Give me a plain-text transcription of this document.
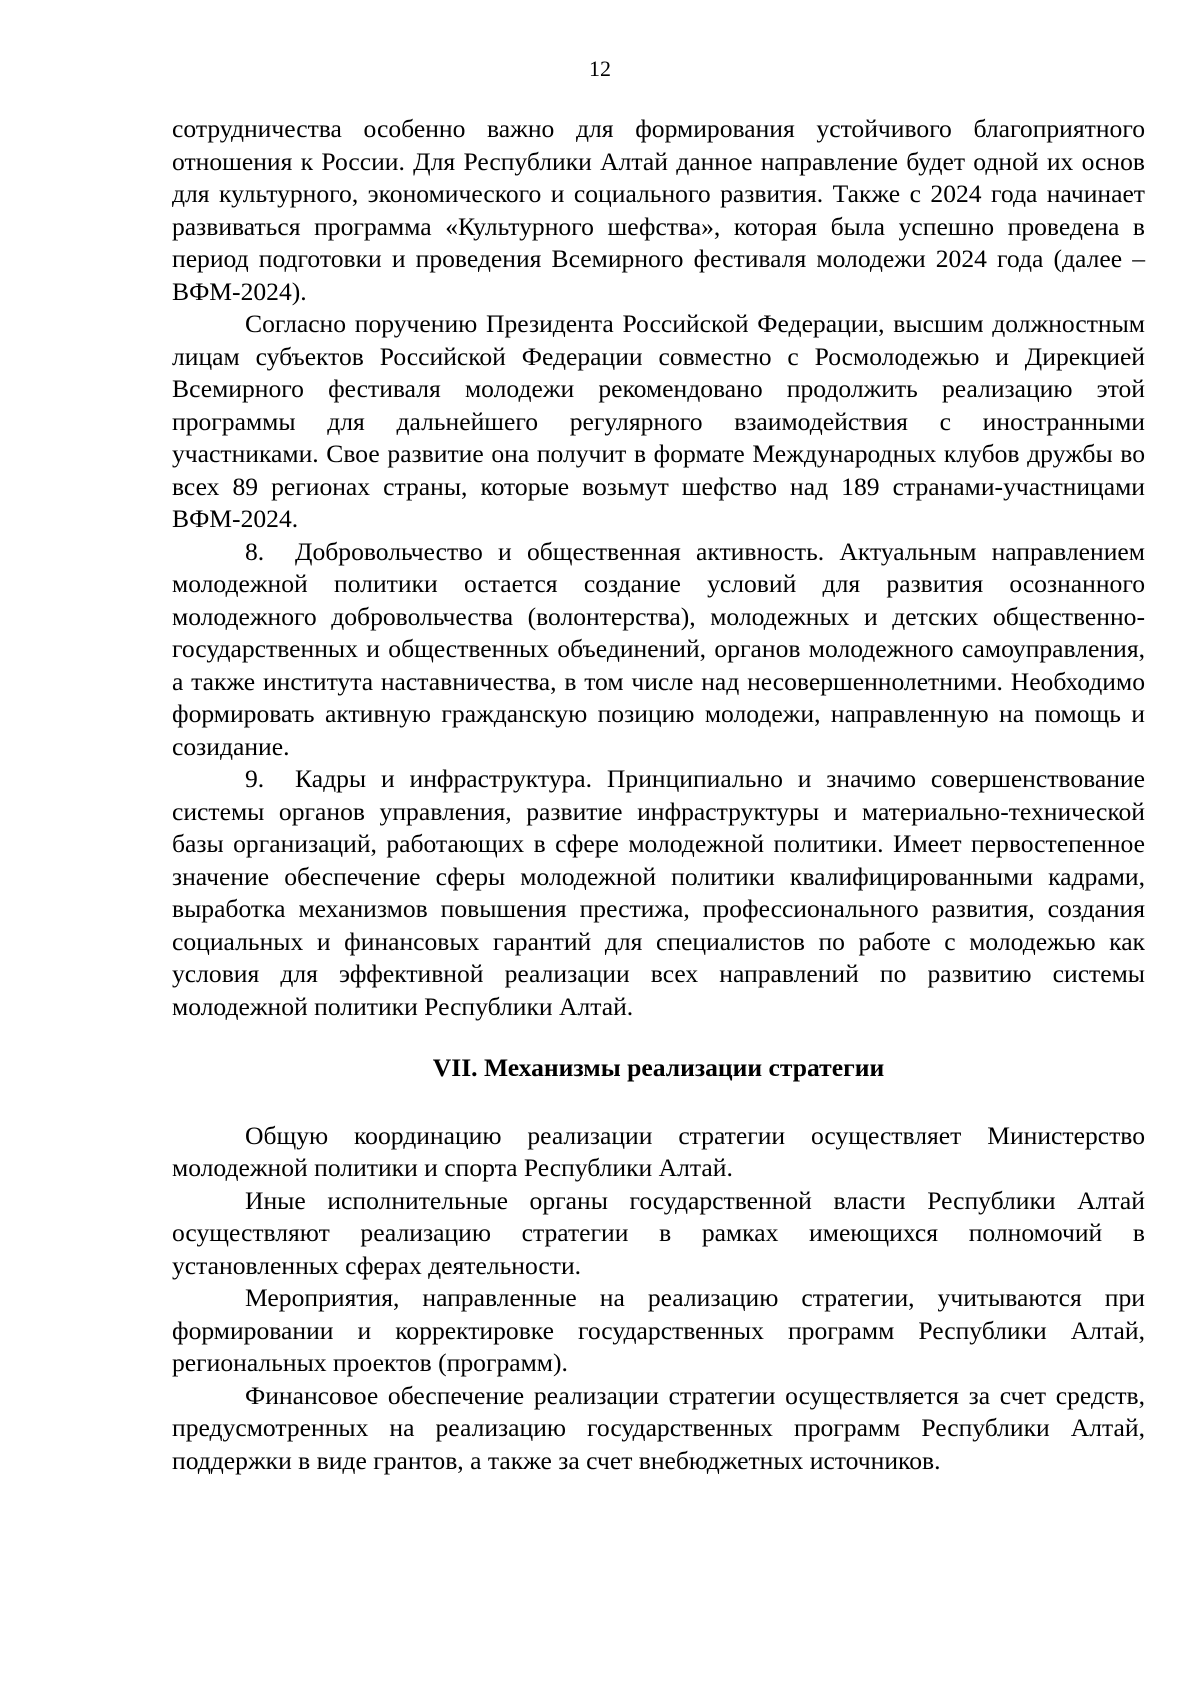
12

сотрудничества особенно важно для формирования устойчивого благоприятного отношения к России. Для Республики Алтай данное направление будет одной их основ для культурного, экономического и социального развития. Также с 2024 года начинает развиваться программа «Культурного шефства», которая была успешно проведена в период подготовки и проведения Всемирного фестиваля молодежи 2024 года (далее – ВФМ-2024).

Согласно поручению Президента Российской Федерации, высшим должностным лицам субъектов Российской Федерации совместно с Росмолодежью и Дирекцией Всемирного фестиваля молодежи рекомендовано продолжить реализацию этой программы для дальнейшего регулярного взаимодействия с иностранными участниками. Свое развитие она получит в формате Международных клубов дружбы во всех 89 регионах страны, которые возьмут шефство над 189 странами-участницами ВФМ-2024.

8. Добровольчество и общественная активность. Актуальным направлением молодежной политики остается создание условий для развития осознанного молодежного добровольчества (волонтерства), молодежных и детских общественно-государственных и общественных объединений, органов молодежного самоуправления, а также института наставничества, в том числе над несовершеннолетними. Необходимо формировать активную гражданскую позицию молодежи, направленную на помощь и созидание.

9. Кадры и инфраструктура. Принципиально и значимо совершенствование системы органов управления, развитие инфраструктуры и материально-технической базы организаций, работающих в сфере молодежной политики. Имеет первостепенное значение обеспечение сферы молодежной политики квалифицированными кадрами, выработка механизмов повышения престижа, профессионального развития, создания социальных и финансовых гарантий для специалистов по работе с молодежью как условия для эффективной реализации всех направлений по развитию системы молодежной политики Республики Алтай.

VII. Механизмы реализации стратегии

Общую координацию реализации стратегии осуществляет Министерство молодежной политики и спорта Республики Алтай.

Иные исполнительные органы государственной власти Республики Алтай осуществляют реализацию стратегии в рамках имеющихся полномочий в установленных сферах деятельности.

Мероприятия, направленные на реализацию стратегии, учитываются при формировании и корректировке государственных программ Республики Алтай, региональных проектов (программ).

Финансовое обеспечение реализации стратегии осуществляется за счет средств, предусмотренных на реализацию государственных программ Республики Алтай, поддержки в виде грантов, а также за счет внебюджетных источников.
